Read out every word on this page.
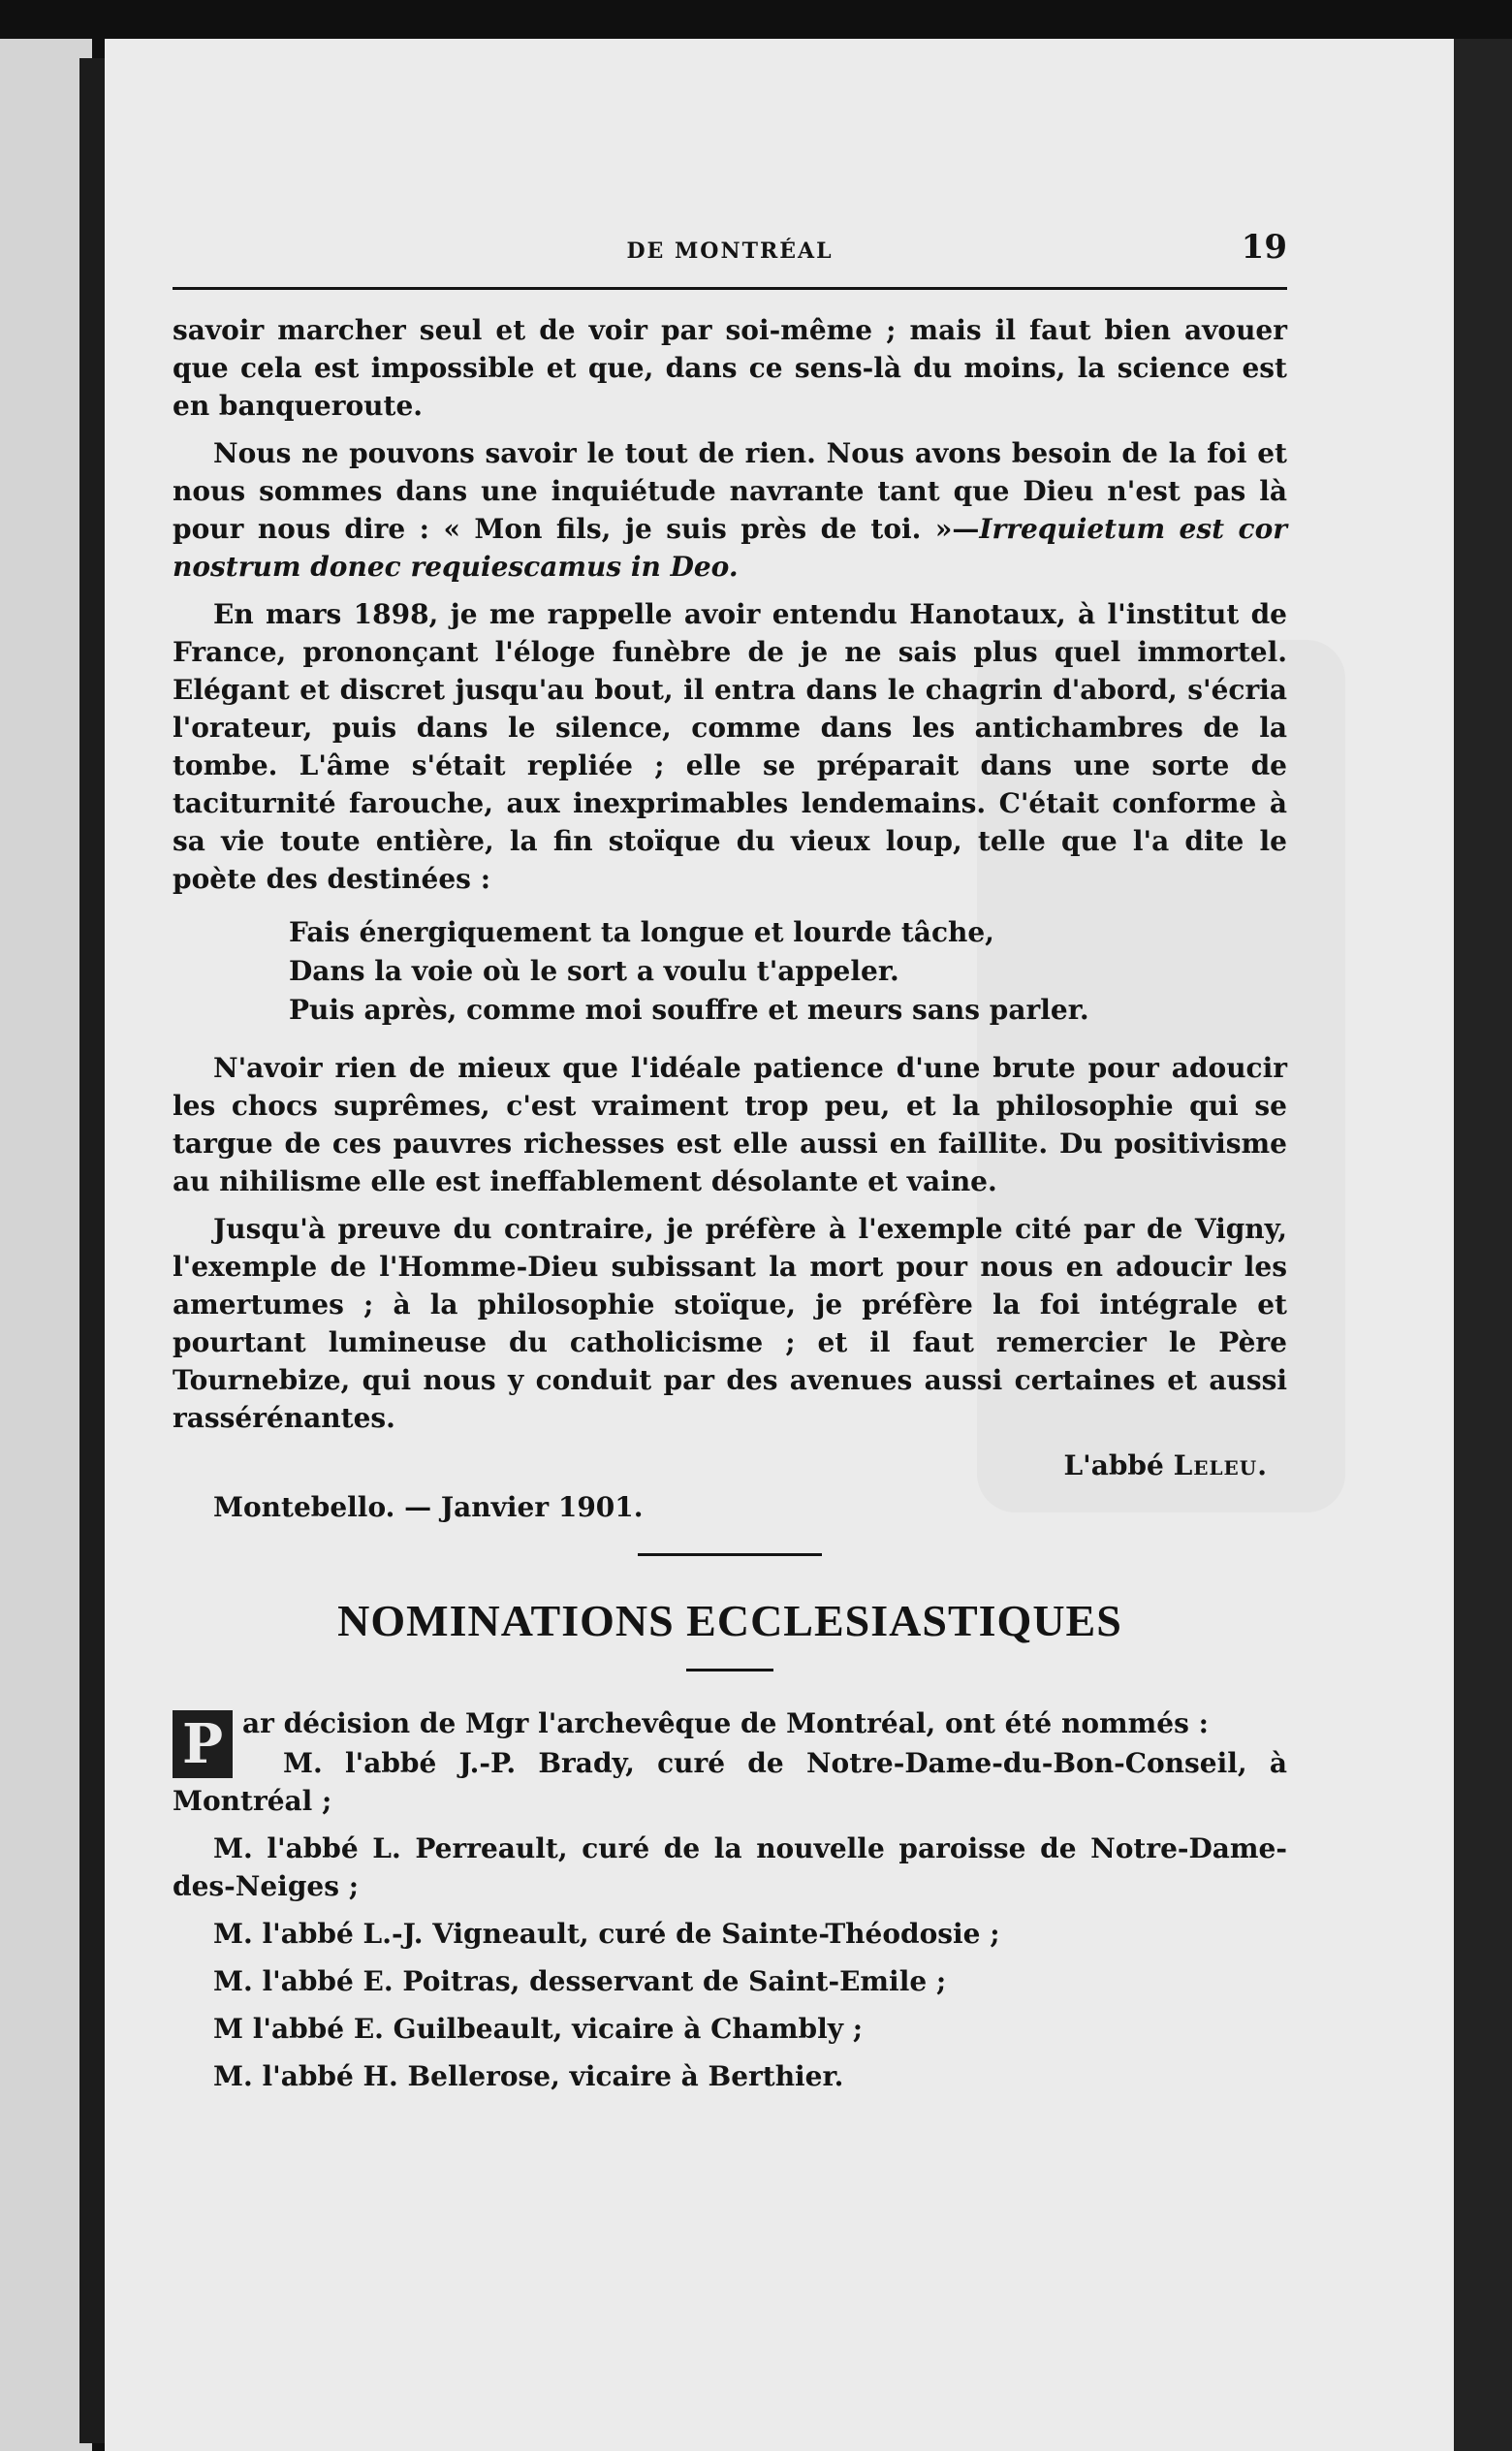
DE MONTRÉAL	19

savoir marcher seul et de voir par soi-même ; mais il faut bien avouer que cela est impossible et que, dans ce sens-là du moins, la science est en banqueroute.

Nous ne pouvons savoir le tout de rien. Nous avons besoin de la foi et nous sommes dans une inquiétude navrante tant que Dieu n'est pas là pour nous dire : « Mon fils, je suis près de toi. »—Irrequietum est cor nostrum donec requiescamus in Deo.

En mars 1898, je me rappelle avoir entendu Hanotaux, à l'institut de France, prononçant l'éloge funèbre de je ne sais plus quel immortel. Elégant et discret jusqu'au bout, il entra dans le chagrin d'abord, s'écria l'orateur, puis dans le silence, comme dans les antichambres de la tombe. L'âme s'était repliée ; elle se préparait dans une sorte de taciturnité farouche, aux inexprimables lendemains. C'était conforme à sa vie toute entière, la fin stoïque du vieux loup, telle que l'a dite le poète des destinées :

Fais énergiquement ta longue et lourde tâche,
Dans la voie où le sort a voulu t'appeler.
Puis après, comme moi souffre et meurs sans parler.

N'avoir rien de mieux que l'idéale patience d'une brute pour adoucir les chocs suprêmes, c'est vraiment trop peu, et la philosophie qui se targue de ces pauvres richesses est elle aussi en faillite. Du positivisme au nihilisme elle est ineffablement désolante et vaine.

Jusqu'à preuve du contraire, je préfère à l'exemple cité par de Vigny, l'exemple de l'Homme-Dieu subissant la mort pour nous en adoucir les amertumes ; à la philosophie stoïque, je préfère la foi intégrale et pourtant lumineuse du catholicisme ; et il faut remercier le Père Tournebize, qui nous y conduit par des avenues aussi certaines et aussi rassérénantes.

L'abbé Leleu.
Montebello. — Janvier 1901.
NOMINATIONS ECCLESIASTIQUES
P ar décision de Mgr l'archevêque de Montréal, ont été nommés :

M. l'abbé J.-P. Brady, curé de Notre-Dame-du-Bon-Conseil, à Montréal ;

M. l'abbé L. Perreault, curé de la nouvelle paroisse de Notre-Dame-des-Neiges ;

M. l'abbé L.-J. Vigneault, curé de Sainte-Théodosie ;

M. l'abbé E. Poitras, desservant de Saint-Emile ;

M l'abbé E. Guilbeault, vicaire à Chambly ;

M. l'abbé H. Bellerose, vicaire à Berthier.
